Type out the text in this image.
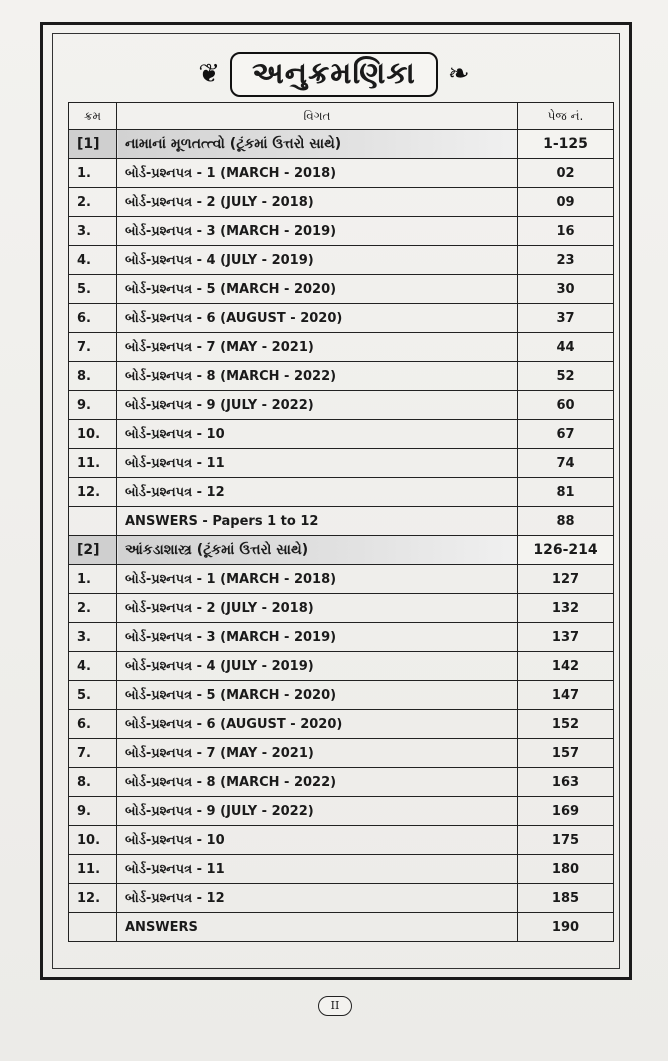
❦	અનુક્રમણિકા	❧
ક્રમ	વિગત	પેજ નં.
[1]	નામાનાં મૂળતત્ત્વો (ટૂંકમાં ઉત્તરો સાથે)	1-125
1.	બોર્ડ-પ્રશ્નપત્ર - 1 (MARCH - 2018)	02
2.	બોર્ડ-પ્રશ્નપત્ર - 2 (JULY - 2018)	09
3.	બોર્ડ-પ્રશ્નપત્ર - 3 (MARCH - 2019)	16
4.	બોર્ડ-પ્રશ્નપત્ર - 4 (JULY - 2019)	23
5.	બોર્ડ-પ્રશ્નપત્ર - 5 (MARCH - 2020)	30
6.	બોર્ડ-પ્રશ્નપત્ર - 6 (AUGUST - 2020)	37
7.	બોર્ડ-પ્રશ્નપત્ર - 7 (MAY - 2021)	44
8.	બોર્ડ-પ્રશ્નપત્ર - 8 (MARCH - 2022)	52
9.	બોર્ડ-પ્રશ્નપત્ર - 9 (JULY - 2022)	60
10.	બોર્ડ-પ્રશ્નપત્ર - 10	67
11.	બોર્ડ-પ્રશ્નપત્ર - 11	74
12.	બોર્ડ-પ્રશ્નપત્ર - 12	81
	ANSWERS - Papers 1 to 12	88
[2]	આંકડાશાસ્ત્ર (ટૂંકમાં ઉત્તરો સાથે)	126-214
1.	બોર્ડ-પ્રશ્નપત્ર - 1 (MARCH - 2018)	127
2.	બોર્ડ-પ્રશ્નપત્ર - 2 (JULY - 2018)	132
3.	બોર્ડ-પ્રશ્નપત્ર - 3 (MARCH - 2019)	137
4.	બોર્ડ-પ્રશ્નપત્ર - 4 (JULY - 2019)	142
5.	બોર્ડ-પ્રશ્નપત્ર - 5 (MARCH - 2020)	147
6.	બોર્ડ-પ્રશ્નપત્ર - 6 (AUGUST - 2020)	152
7.	બોર્ડ-પ્રશ્નપત્ર - 7 (MAY - 2021)	157
8.	બોર્ડ-પ્રશ્નપત્ર - 8 (MARCH - 2022)	163
9.	બોર્ડ-પ્રશ્નપત્ર - 9 (JULY - 2022)	169
10.	બોર્ડ-પ્રશ્નપત્ર - 10	175
11.	બોર્ડ-પ્રશ્નપત્ર - 11	180
12.	બોર્ડ-પ્રશ્નપત્ર - 12	185
	ANSWERS	190
II
